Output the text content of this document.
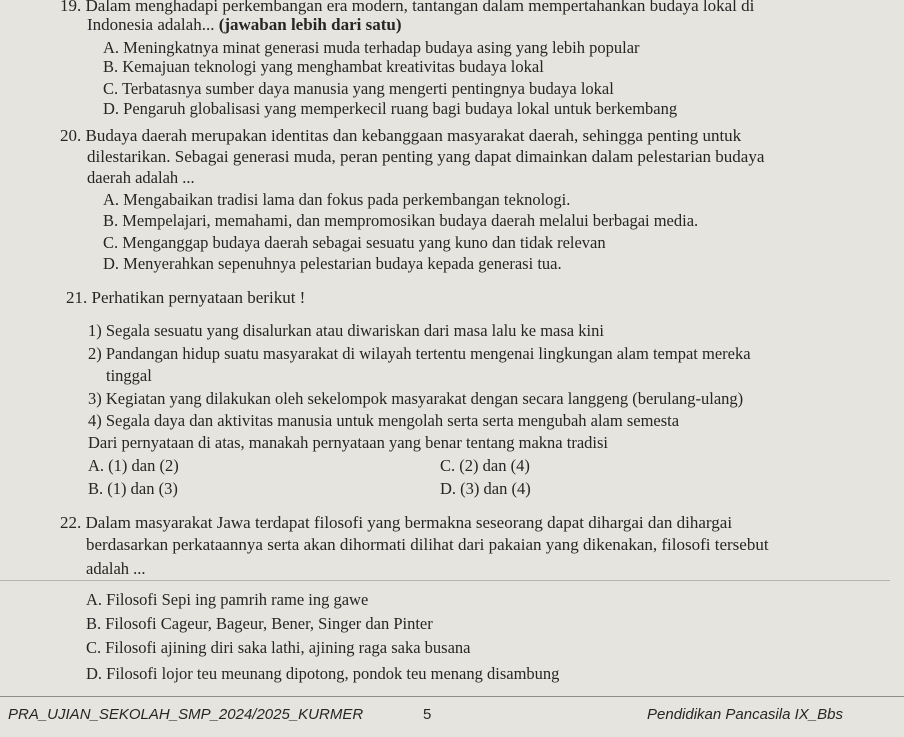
19. Dalam menghadapi perkembangan era modern, tantangan dalam mempertahankan budaya lokal di
Indonesia adalah... (jawaban lebih dari satu)
A. Meningkatnya minat generasi muda terhadap budaya asing yang lebih popular
B. Kemajuan teknologi yang menghambat kreativitas budaya lokal
C. Terbatasnya sumber daya manusia yang mengerti pentingnya budaya lokal
D. Pengaruh globalisasi yang memperkecil ruang bagi budaya lokal untuk berkembang
20. Budaya daerah merupakan identitas dan kebanggaan masyarakat daerah, sehingga penting untuk
dilestarikan. Sebagai generasi muda, peran penting yang dapat dimainkan dalam pelestarian budaya
daerah adalah ...
A. Mengabaikan tradisi lama dan fokus pada perkembangan teknologi.
B. Mempelajari, memahami, dan mempromosikan budaya daerah melalui berbagai media.
C. Menganggap budaya daerah sebagai sesuatu yang kuno dan tidak relevan
D. Menyerahkan sepenuhnya pelestarian budaya kepada generasi tua.
21. Perhatikan pernyataan berikut !
1) Segala sesuatu yang disalurkan atau diwariskan dari masa lalu ke masa kini
2) Pandangan hidup suatu masyarakat di wilayah tertentu mengenai lingkungan alam tempat mereka
tinggal
3) Kegiatan yang dilakukan oleh sekelompok masyarakat dengan secara langgeng (berulang-ulang)
4) Segala daya dan aktivitas manusia untuk mengolah serta serta mengubah alam semesta
Dari pernyataan di atas, manakah pernyataan yang benar tentang makna tradisi
A. (1) dan (2)	C. (2) dan (4)
B. (1) dan (3)	D. (3) dan (4)
22. Dalam masyarakat Jawa terdapat filosofi yang bermakna seseorang dapat dihargai dan dihargai
berdasarkan perkataannya serta akan dihormati dilihat dari pakaian yang dikenakan, filosofi tersebut
adalah ...
A. Filosofi Sepi ing pamrih rame ing gawe
B. Filosofi Cageur, Bageur, Bener, Singer dan Pinter
C. Filosofi ajining diri saka lathi, ajining raga saka busana
D. Filosofi lojor teu meunang dipotong, pondok teu menang disambung
PRA_UJIAN_SEKOLAH_SMP_2024/2025_KURMER	5	Pendidikan Pancasila IX_Bbs
